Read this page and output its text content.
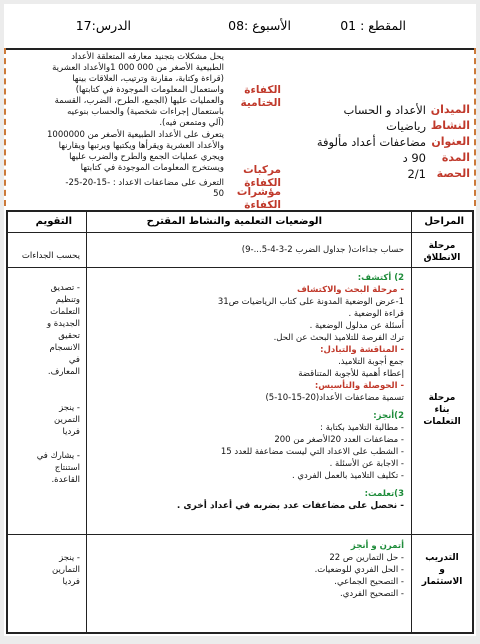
المقطع : 01
الأسبوع :08
الدرس:17
الميدان
النشاط
العنوان
المدة
الحصة
الأعداد و الحساب
رياضيات
مضاعفات أعداد مألوفة
90 د
2/1
الكفاءة
الختامية
مركبات
الكفاءة
مؤشرات
الكفاءة
يحل مشكلات بتجنيد معارفه المتعلقة الأعداد
الطبيعية الأصغر من 000 000 1والأعداد العشرية
(قراءة وكتابة، مقارنة وترتيب، العلاقات بينها
واستعمال المعلومات الموجودة في كتابتها)
والعمليات عليها (الجمع، الطرح، الضرب، القسمة
باستعمال إجراءات شخصية) والحساب بنوعيه
(آلي ومتمعن فيه).
يتعرف على الأعداد الطبيعية الأصغر من 1000000
والأعداد العشرية ويقرأها ويكتبها ويرتبها ويقارنها
ويجري عمليات الجمع والطرح والضرب عليها
ويستخرج المعلومات الموجودة في كتابتها
التعرف على مضاعفات الاعداد : -15-20-25-
50
المراحل
الوضعيات التعلمية والنشاط المقترح
التقويم
مرحلة
الانطلاق
حساب جداءات( جداول الضرب 2-3-4-5...-9)
يحسب الجداءات
مرحلة
بناء
التعلمات
2) أكتشف:
- مرحلة البحث والاكتشاف
1-عرض الوضعية المدونة على كتاب الرياضيات ص31
قراءة الوضعية .
أسئلة عن مدلول الوضعية .
ترك الفرصة للتلاميذ البحث عن الحل.
- المناقشة والتبادل:
جمع أجوبة التلاميذ.
إعطاء أهمية للأجوبة المتناقضة
- الحوصلة والتأسيس:
تسمية مضاعفات الأعداد(20-15-10-5)
2)أنجز:
- مطالبة التلاميذ بكتابة :
- مضاعفات العدد 20الأصغر من 200
- الشطب على الاعداد التي ليست مضاعفة للعدد 15
- الاجابة عن الأسئلة .
- تكليف التلاميذ بالعمل الفردي .
3)تعلمت:
- نحصل على مضاعفات عدد بضربه في أعداد أخرى .
- تصديق
وتنظيم
التعلمات
الجديدة و
تحقيق
الانسجام
في
المعارف.
- ينجز
التمرين
فرديا
- يشارك في
استنتاج
القاعدة.
التدريب
و
الاستثمار
أتمرن و أنجز
- حل التمارين ص 22
- الحل الفردي للوضعيات.
- التصحيح الجماعي.
- التصحيح الفردي.
- ينجز
التمارين
فرديا
